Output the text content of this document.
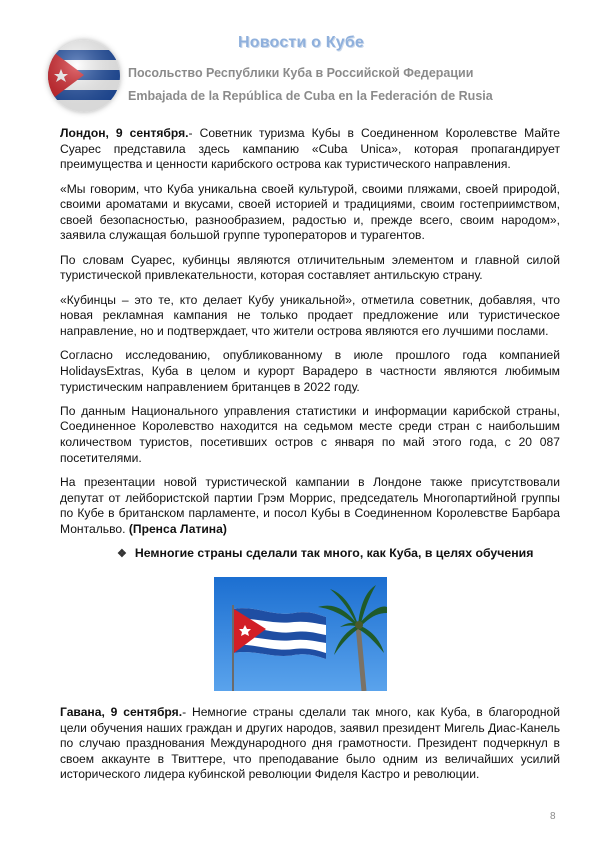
Новости о Кубе
Посольство Республики Куба в Российской Федерации
Embajada de la República de Cuba en la Federación de Rusia

Лондон, 9 сентября.- Советник туризма Кубы в Соединенном Королевстве Майте Суарес представила здесь кампанию «Cuba Unica», которая пропагандирует преимущества и ценности карибского острова как туристического направления.

«Мы говорим, что Куба уникальна своей культурой, своими пляжами, своей природой, своими ароматами и вкусами, своей историей и традициями, своим гостеприимством, своей безопасностью, разнообразием, радостью и, прежде всего, своим народом», заявила служащая большой группе туроператоров и турагентов.

По словам Суарес, кубинцы являются отличительным элементом и главной силой туристической привлекательности, которая составляет антильскую страну.

«Кубинцы – это те, кто делает Кубу уникальной», отметила советник, добавляя, что новая рекламная кампания не только продает предложение или туристическое направление, но и подтверждает, что жители острова являются его лучшими послами.

Согласно исследованию, опубликованному в июле прошлого года компанией HolidaysExtras, Куба в целом и курорт Варадеро в частности являются любимым туристическим направлением британцев в 2022 году.

По данным Национального управления статистики и информации карибской страны, Соединенное Королевство находится на седьмом месте среди стран с наибольшим количеством туристов, посетивших остров с января по май этого года, с 20 087 посетителями.

На презентации новой туристической кампании в Лондоне также присутствовали депутат от лейбористской партии Грэм Моррис, председатель Многопартийной группы по Кубе в британском парламенте, и посол Кубы в Соединенном Королевстве Барбара Монтальво. (Пренса Латина)

❖ Немногие страны сделали так много, как Куба, в целях обучения

Гавана, 9 сентября.- Немногие страны сделали так много, как Куба, в благородной цели обучения наших граждан и других народов, заявил президент Мигель Диас-Канель по случаю празднования Международного дня грамотности. Президент подчеркнул в своем аккаунте в Твиттере, что преподавание было одним из величайших усилий исторического лидера кубинской революции Фиделя Кастро и революции.

8
